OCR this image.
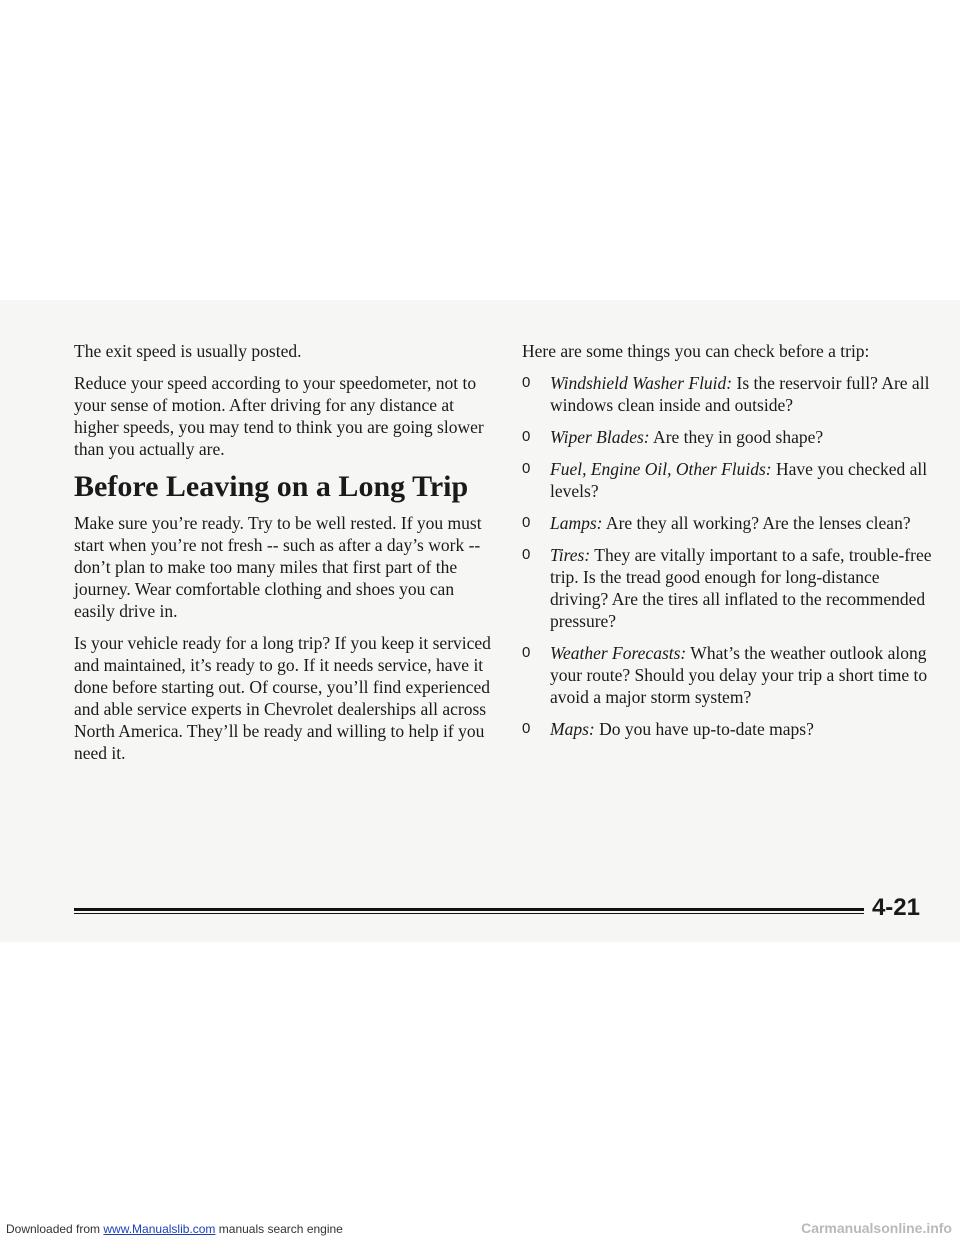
The exit speed is usually posted.

Reduce your speed according to your speedometer, not to your sense of motion. After driving for any distance at higher speeds, you may tend to think you are going slower than you actually are.

Before Leaving on a Long Trip

Make sure you’re ready. Try to be well rested. If you must start when you’re not fresh -- such as after a day’s work -- don’t plan to make too many miles that first part of the journey. Wear comfortable clothing and shoes you can easily drive in.

Is your vehicle ready for a long trip? If you keep it serviced and maintained, it’s ready to go. If it needs service, have it done before starting out. Of course, you’ll find experienced and able service experts in Chevrolet dealerships all across North America. They’ll be ready and willing to help if you need it.

Here are some things you can check before a trip:

0 Windshield Washer Fluid: Is the reservoir full? Are all windows clean inside and outside?
0 Wiper Blades: Are they in good shape?
0 Fuel, Engine Oil, Other Fluids: Have you checked all levels?
0 Lamps: Are they all working? Are the lenses clean?
0 Tires: They are vitally important to a safe, trouble-free trip. Is the tread good enough for long-distance driving? Are the tires all inflated to the recommended pressure?
0 Weather Forecasts: What’s the weather outlook along your route? Should you delay your trip a short time to avoid a major storm system?
0 Maps: Do you have up-to-date maps?
4-21
Downloaded from www.Manualslib.com manuals search engine	Carmanualsonline.info
